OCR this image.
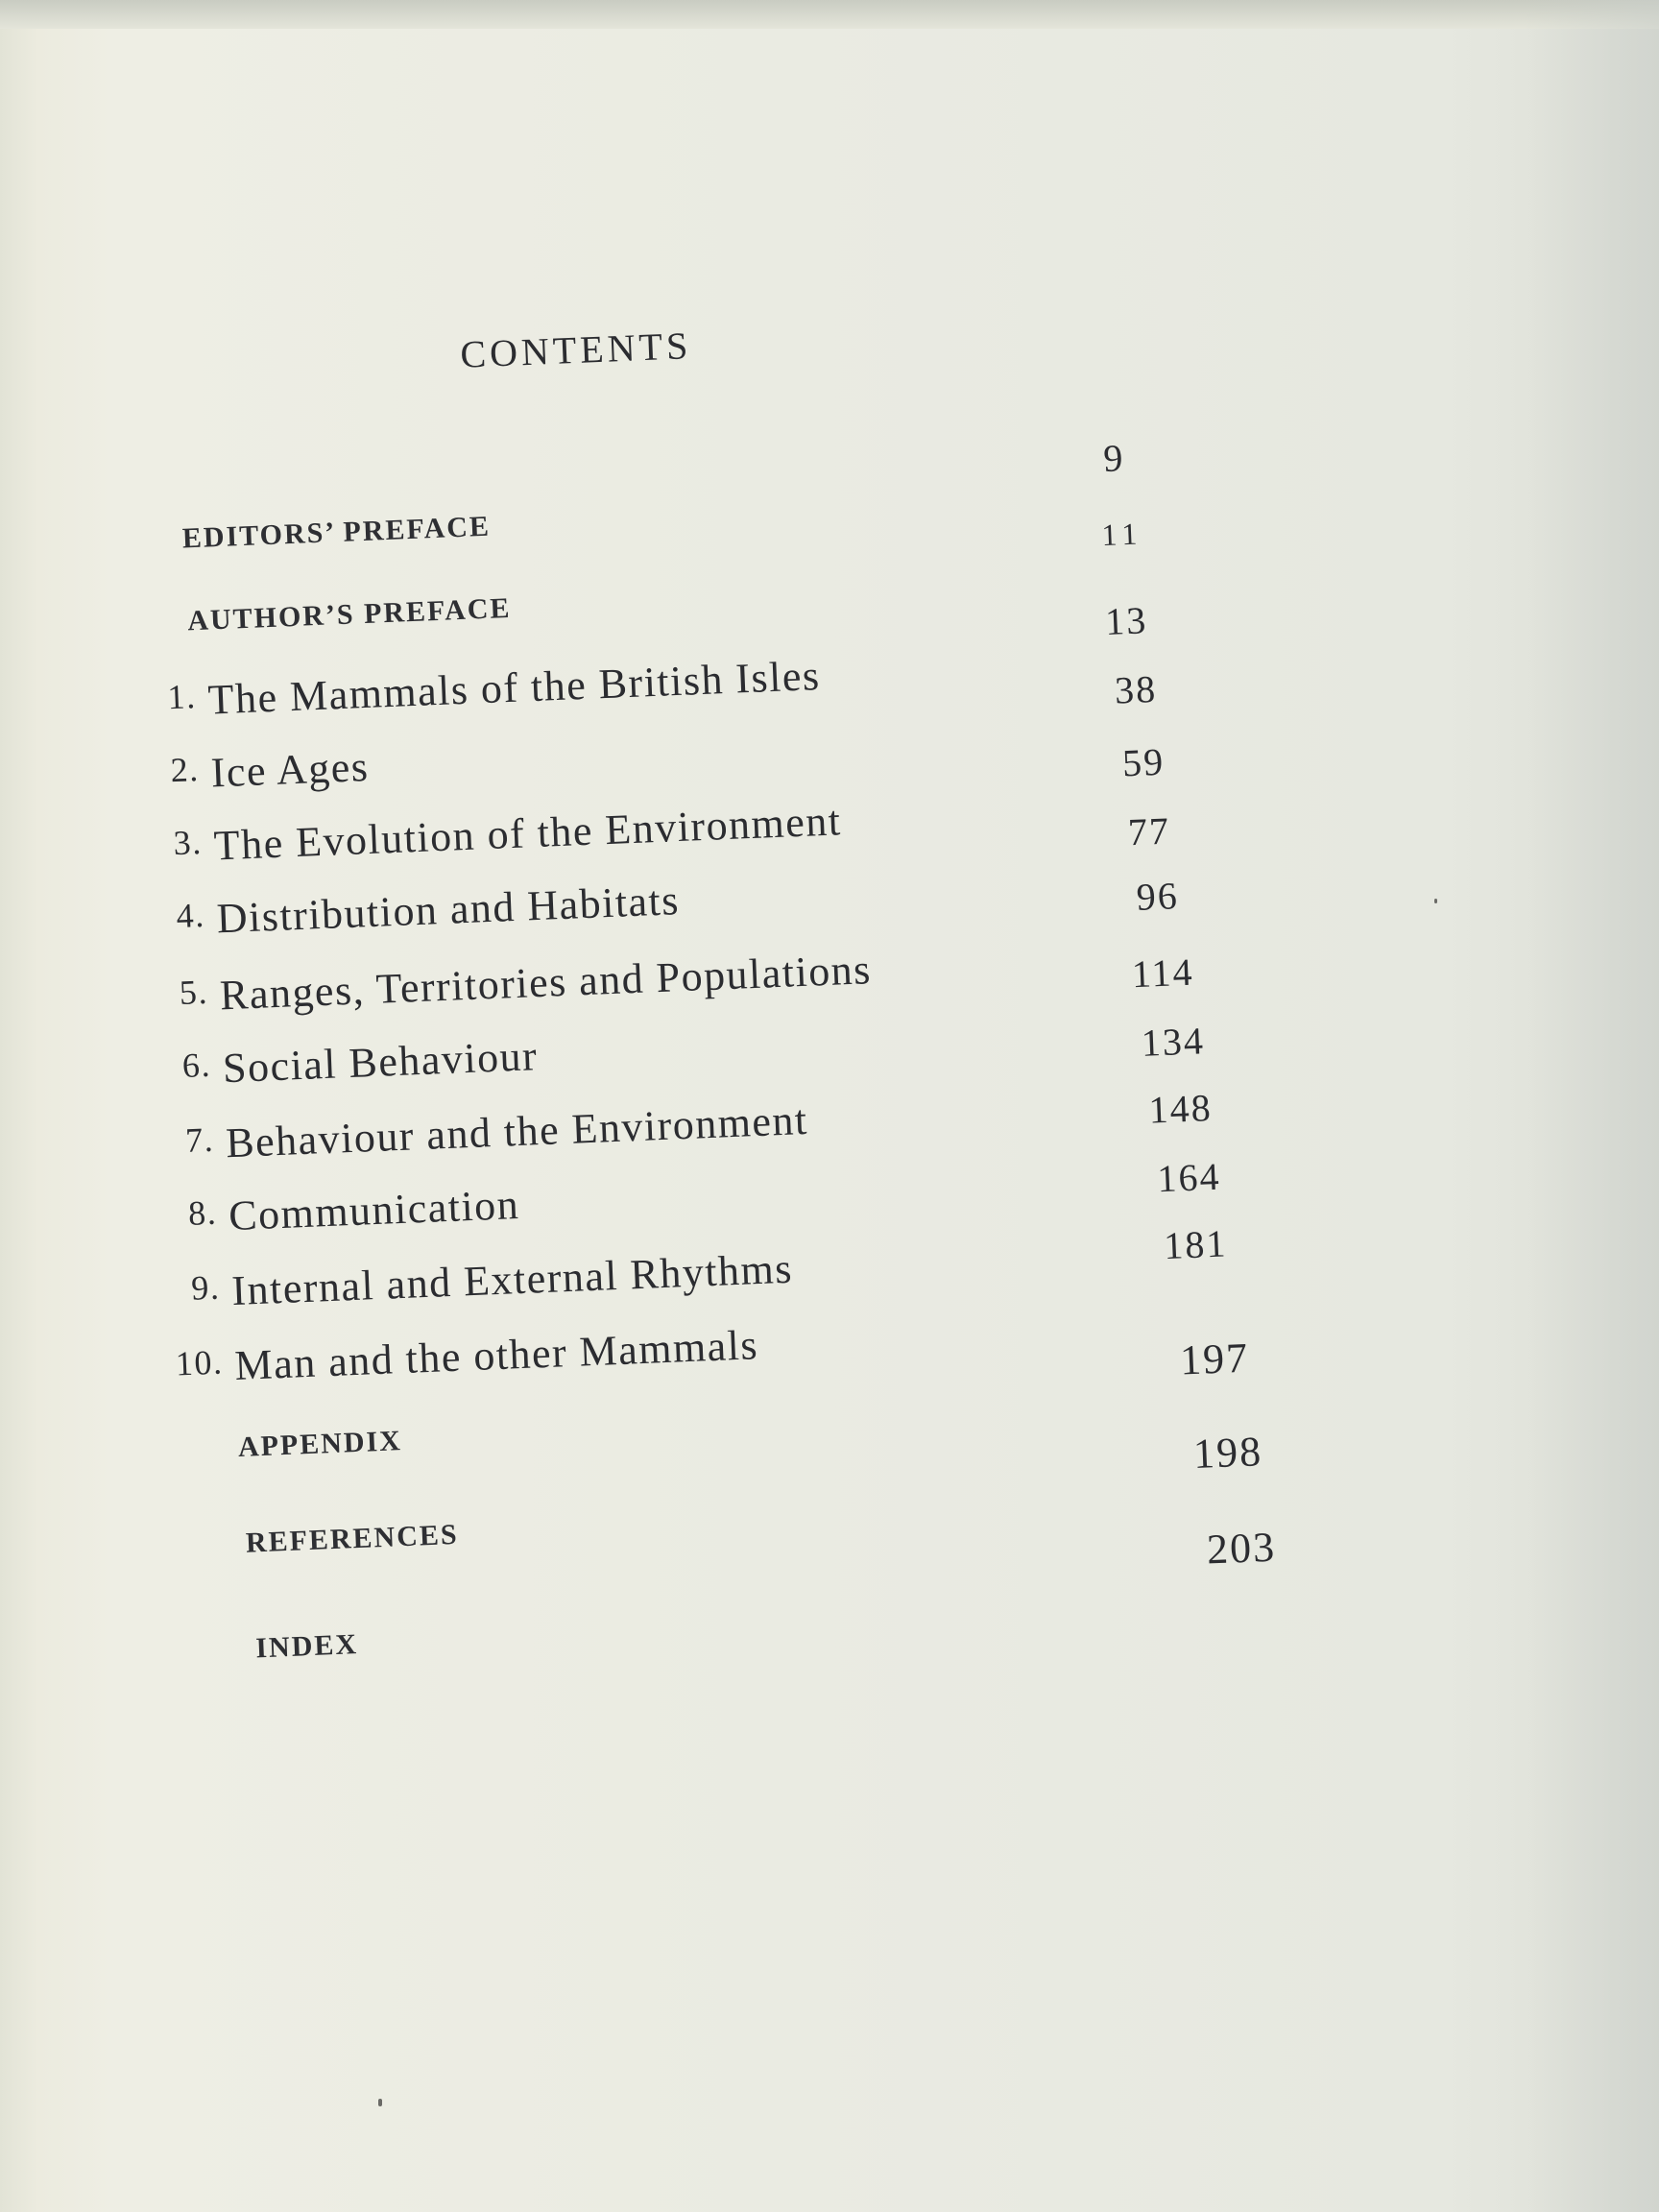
CONTENTS
EDITORS’ PREFACE
9
AUTHOR’S PREFACE
11
1. The Mammals of the British Isles
13
2. Ice Ages
38
3. The Evolution of the Environment
59
4. Distribution and Habitats
77
5. Ranges, Territories and Populations
96
6. Social Behaviour
114
7. Behaviour and the Environment
134
8. Communication
148
9. Internal and External Rhythms
164
10. Man and the other Mammals
181
APPENDIX
197
REFERENCES
198
INDEX
203
